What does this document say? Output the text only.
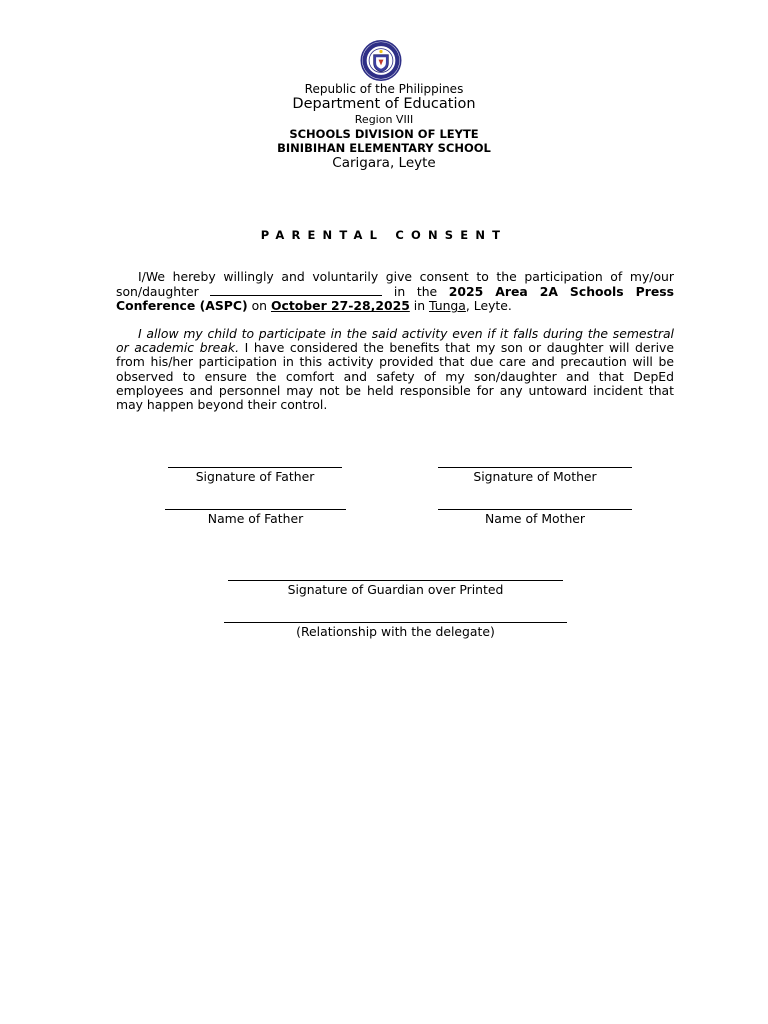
Republic of the Philippines
Department of Education
Region VIII
SCHOOLS DIVISION OF LEYTE
BINIBIHAN ELEMENTARY SCHOOL
Carigara, Leyte
PARENTAL CONSENT
I/We hereby willingly and voluntarily give consent to the participation of my/our son/daughter	in the 2025 Area 2A Schools Press Conference (ASPC) on October 27-28,2025 in Tunga, Leyte.
I allow my child to participate in the said activity even if it falls during the semestral or academic break. I have considered the benefits that my son or daughter will derive from his/her participation in this activity provided that due care and precaution will be observed to ensure the comfort and safety of my son/daughter and that DepEd employees and personnel may not be held responsible for any untoward incident that may happen beyond their control.
Signature of Father	Signature of Mother
Name of Father	Name of Mother
Signature of Guardian over Printed
(Relationship with the delegate)
